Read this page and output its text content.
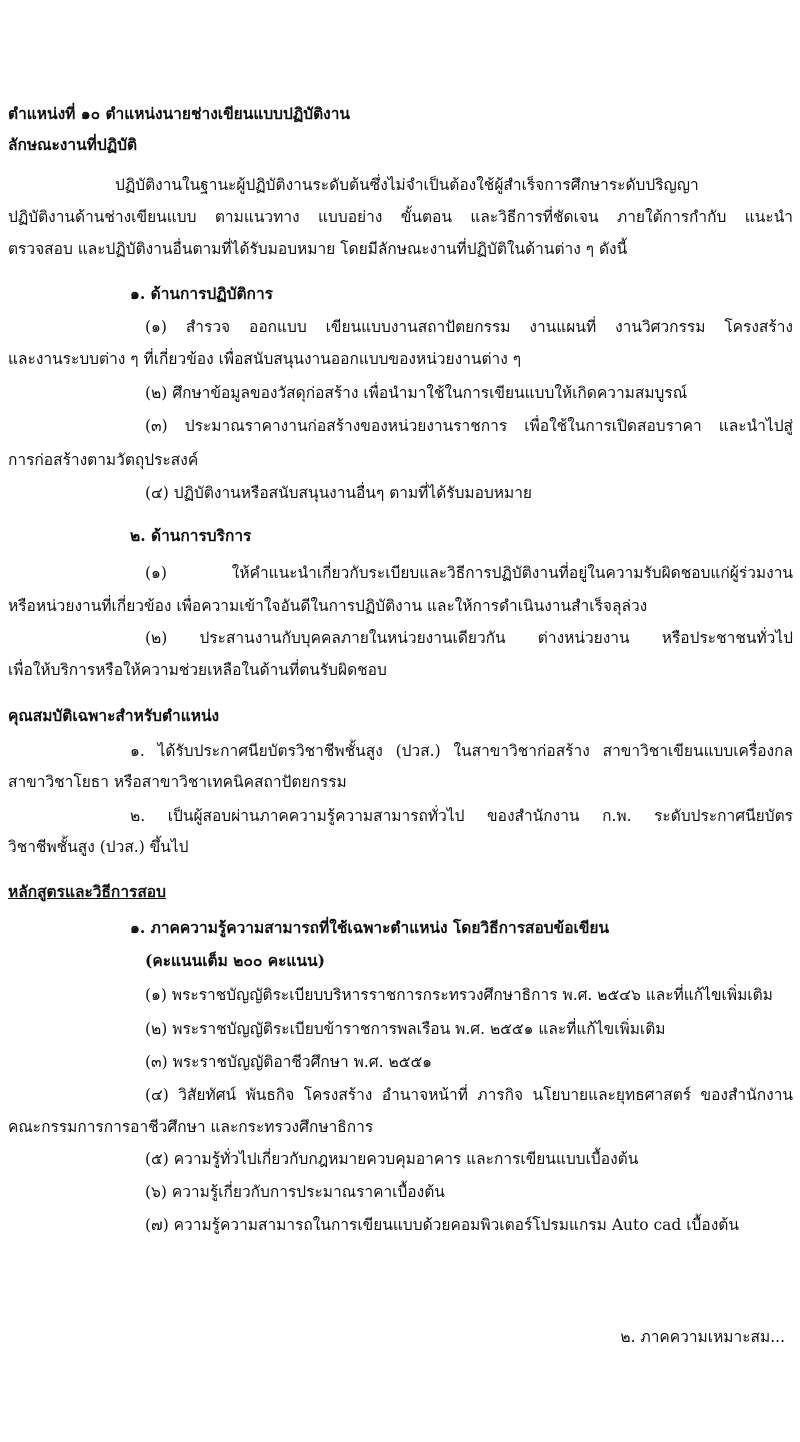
ตำแหน่งที่ ๑๐ ตำแหน่งนายช่างเขียนแบบปฏิบัติงาน
ลักษณะงานที่ปฏิบัติ
ปฏิบัติงานในฐานะผู้ปฏิบัติงานระดับต้นซึ่งไม่จำเป็นต้องใช้ผู้สำเร็จการศึกษาระดับปริญญา
ปฏิบัติงานด้านช่างเขียนแบบ ตามแนวทาง แบบอย่าง ขั้นตอน และวิธีการที่ชัดเจน ภายใต้การกำกับ แนะนำ
ตรวจสอบ และปฏิบัติงานอื่นตามที่ได้รับมอบหมาย โดยมีลักษณะงานที่ปฏิบัติในด้านต่าง ๆ ดังนี้
๑. ด้านการปฏิบัติการ
(๑) สำรวจ ออกแบบ เขียนแบบงานสถาปัตยกรรม งานแผนที่ งานวิศวกรรม โครงสร้าง
และงานระบบต่าง ๆ ที่เกี่ยวข้อง เพื่อสนับสนุนงานออกแบบของหน่วยงานต่าง ๆ
(๒) ศึกษาข้อมูลของวัสดุก่อสร้าง เพื่อนำมาใช้ในการเขียนแบบให้เกิดความสมบูรณ์
(๓) ประมาณราคางานก่อสร้างของหน่วยงานราชการ เพื่อใช้ในการเปิดสอบราคา และนำไปสู่
การก่อสร้างตามวัตถุประสงค์
(๔) ปฏิบัติงานหรือสนับสนุนงานอื่นๆ ตามที่ได้รับมอบหมาย
๒. ด้านการบริการ
(๑) ให้คำแนะนำเกี่ยวกับระเบียบและวิธีการปฏิบัติงานที่อยู่ในความรับผิดชอบแก่ผู้ร่วมงาน
หรือหน่วยงานที่เกี่ยวข้อง เพื่อความเข้าใจอันดีในการปฏิบัติงาน และให้การดำเนินงานสำเร็จลุล่วง
(๒) ประสานงานกับบุคคลภายในหน่วยงานเดียวกัน ต่างหน่วยงาน หรือประชาชนทั่วไป
เพื่อให้บริการหรือให้ความช่วยเหลือในด้านที่ตนรับผิดชอบ
คุณสมบัติเฉพาะสำหรับตำแหน่ง
๑. ได้รับประกาศนียบัตรวิชาชีพชั้นสูง (ปวส.) ในสาขาวิชาก่อสร้าง สาขาวิชาเขียนแบบเครื่องกล
สาขาวิชาโยธา หรือสาขาวิชาเทคนิคสถาปัตยกรรม
๒. เป็นผู้สอบผ่านภาคความรู้ความสามารถทั่วไป ของสำนักงาน ก.พ. ระดับประกาศนียบัตร
วิชาชีพชั้นสูง (ปวส.) ขึ้นไป
หลักสูตรและวิธีการสอบ
๑. ภาคความรู้ความสามารถที่ใช้เฉพาะตำแหน่ง โดยวิธีการสอบข้อเขียน
(คะแนนเต็ม ๒๐๐ คะแนน)
(๑) พระราชบัญญัติระเบียบบริหารราชการกระทรวงศึกษาธิการ พ.ศ. ๒๕๔๖ และที่แก้ไขเพิ่มเติม
(๒) พระราชบัญญัติระเบียบข้าราชการพลเรือน พ.ศ. ๒๕๕๑ และที่แก้ไขเพิ่มเติม
(๓) พระราชบัญญัติอาชีวศึกษา พ.ศ. ๒๕๕๑
(๔) วิสัยทัศน์ พันธกิจ โครงสร้าง อำนาจหน้าที่ ภารกิจ นโยบายและยุทธศาสตร์ ของสำนักงาน
คณะกรรมการการอาชีวศึกษา และกระทรวงศึกษาธิการ
(๕) ความรู้ทั่วไปเกี่ยวกับกฎหมายควบคุมอาคาร และการเขียนแบบเบื้องต้น
(๖) ความรู้เกี่ยวกับการประมาณราคาเบื้องต้น
(๗) ความรู้ความสามารถในการเขียนแบบด้วยคอมพิวเตอร์โปรมแกรม Auto cad เบื้องต้น
๒. ภาคความเหมาะสม...
